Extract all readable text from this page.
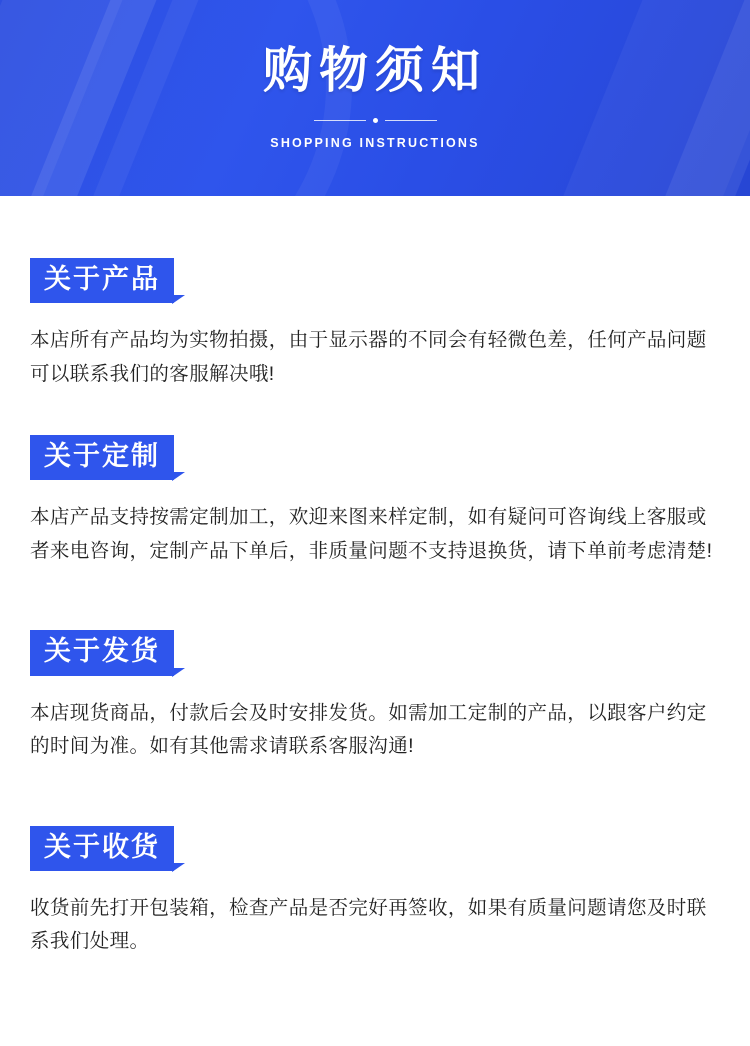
购物须知
SHOPPING INSTRUCTIONS
关于产品
本店所有产品均为实物拍摄，由于显示器的不同会有轻微色差，任何产品问题可以联系我们的客服解决哦!
关于定制
本店产品支持按需定制加工，欢迎来图来样定制，如有疑问可咨询线上客服或者来电咨询，定制产品下单后，非质量问题不支持退换货，请下单前考虑清楚!
关于发货
本店现货商品，付款后会及时安排发货。如需加工定制的产品，以跟客户约定的时间为准。如有其他需求请联系客服沟通!
关于收货
收货前先打开包装箱，检查产品是否完好再签收，如果有质量问题请您及时联系我们处理。
